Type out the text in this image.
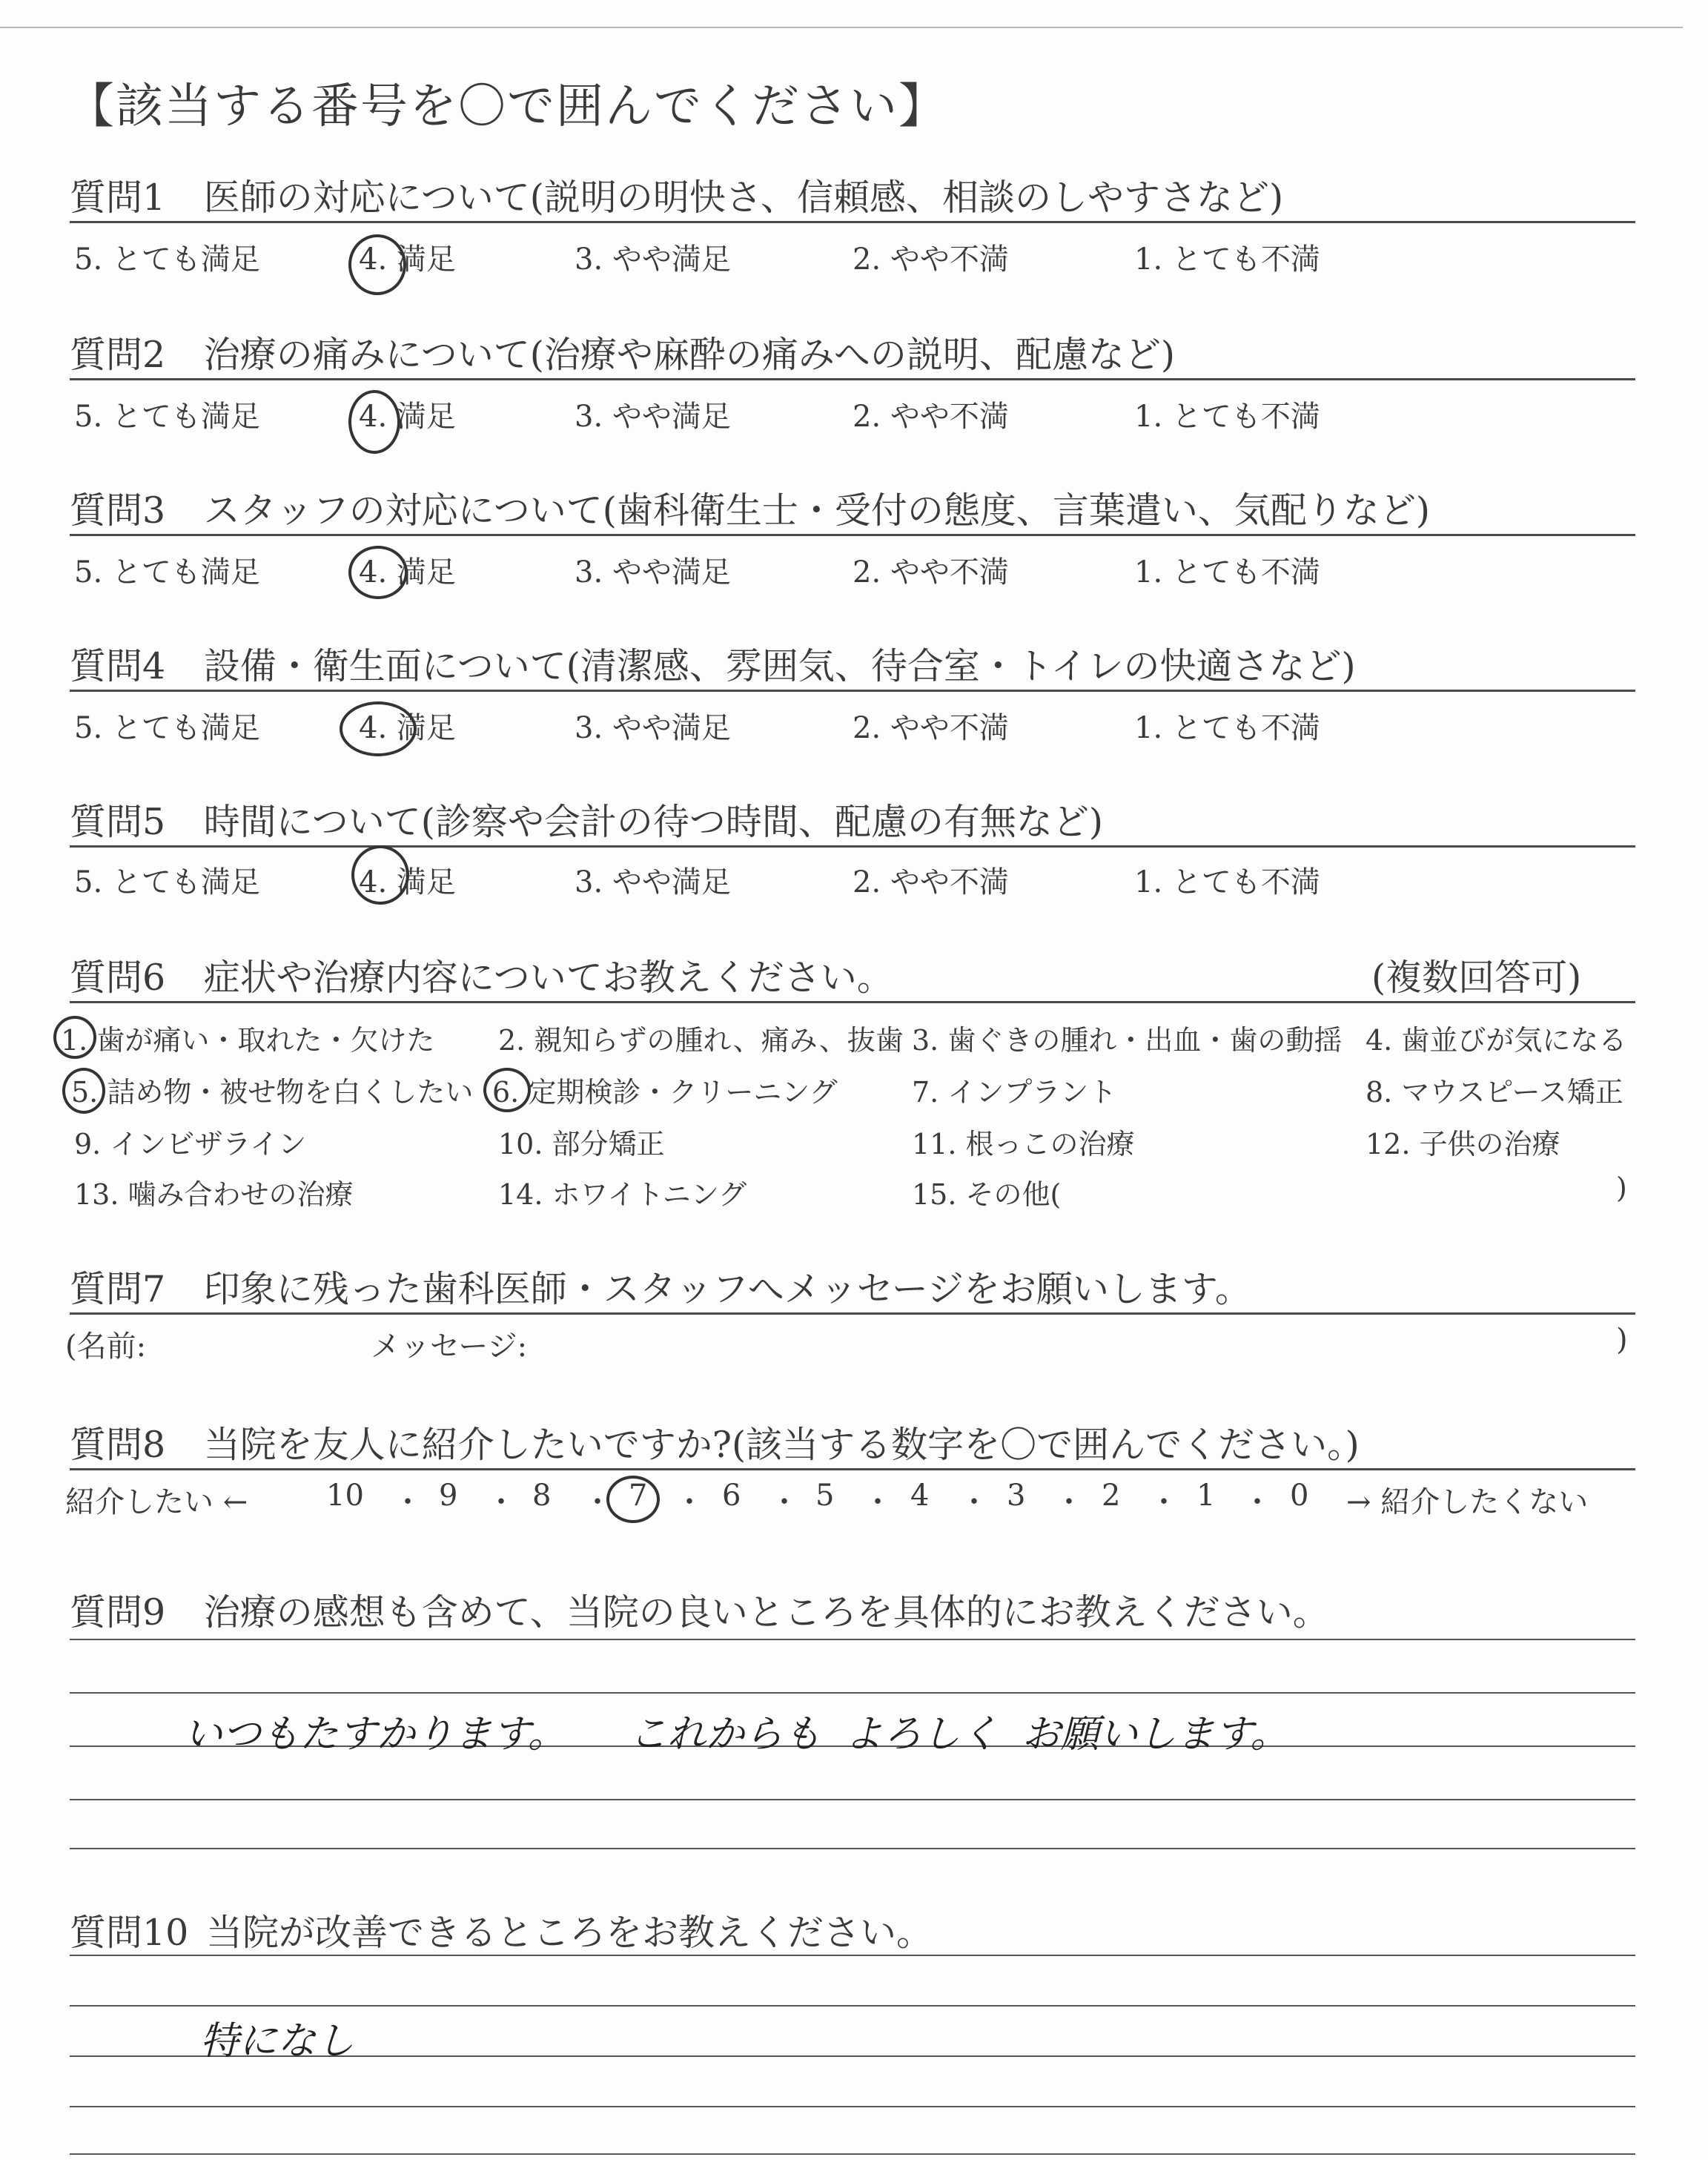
【該当する番号を〇で囲んでください】
質問1 医師の対応について(説明の明快さ、信頼感、相談のしやすさなど)
5. とても満足	4. 満足	3. やや満足	2. やや不満	1. とても不満
質問2 治療の痛みについて(治療や麻酔の痛みへの説明、配慮など)
5. とても満足	4. 満足	3. やや満足	2. やや不満	1. とても不満
質問3 スタッフの対応について(歯科衛生士・受付の態度、言葉遣い、気配りなど)
5. とても満足	4. 満足	3. やや満足	2. やや不満	1. とても不満
質問4 設備・衛生面について(清潔感、雰囲気、待合室・トイレの快適さなど)
5. とても満足	4. 満足	3. やや満足	2. やや不満	1. とても不満
質問5 時間について(診察や会計の待つ時間、配慮の有無など)
5. とても満足	4. 満足	3. やや満足	2. やや不満	1. とても不満
質問6 症状や治療内容についてお教えください。	(複数回答可)
1. 歯が痛い・取れた・欠けた 2. 親知らずの腫れ、痛み、抜歯 3. 歯ぐきの腫れ・出血・歯の動揺 4. 歯並びが気になる
5. 詰め物・被せ物を白くしたい 6. 定期検診・クリーニング	7. インプラント	8. マウスピース矯正
9. インビザライン	10. 部分矯正	11. 根っこの治療	12. 子供の治療
13. 噛み合わせの治療	14. ホワイトニング	15. その他(	)
質問7 印象に残った歯科医師・スタッフへメッセージをお願いします。
(名前:	メッセージ:	)
質問8 当院を友人に紹介したいですか?(該当する数字を〇で囲んでください。)
紹介したい ←	10	9	8	7	6	5	4	3	2	1	0 → 紹介したくない
・ ・ ・ ・ ・ ・ ・ ・ ・ ・
質問9 治療の感想も含めて、当院の良いところを具体的にお教えください。
いつもたすかります。 これからも よろしく お願いします。
質問10 当院が改善できるところをお教えください。
特になし
